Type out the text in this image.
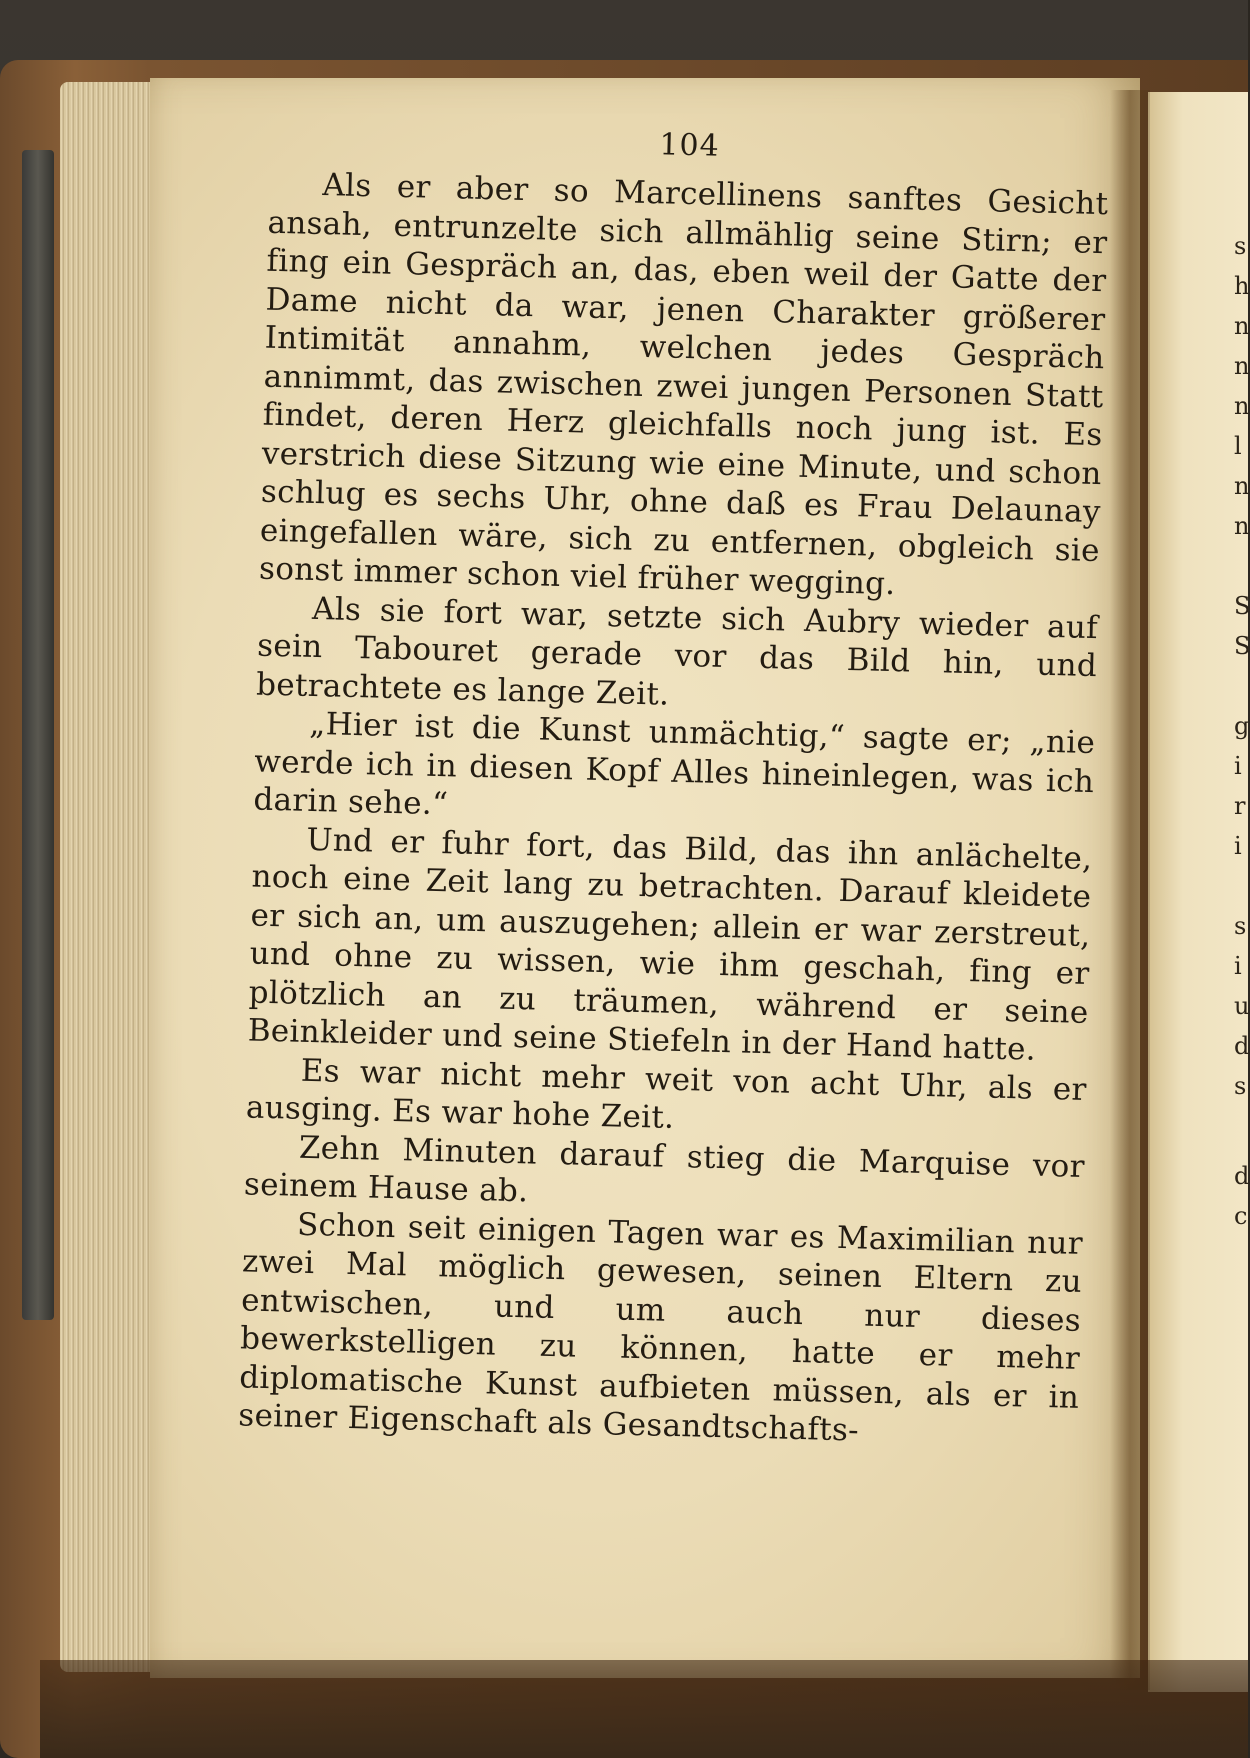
104

Als er aber so Marcellinens sanftes Gesicht ansah, entrunzelte sich allmählig seine Stirn; er fing ein Gespräch an, das, eben weil der Gatte der Dame nicht da war, jenen Charakter größerer Intimität annahm, welchen jedes Gespräch annimmt, das zwischen zwei jungen Personen Statt findet, deren Herz gleichfalls noch jung ist. Es verstrich diese Sitzung wie eine Minute, und schon schlug es sechs Uhr, ohne daß es Frau Delaunay eingefallen wäre, sich zu entfernen, obgleich sie sonst immer schon viel früher wegging.

Als sie fort war, setzte sich Aubry wieder auf sein Tabouret gerade vor das Bild hin, und betrachtete es lange Zeit.

„Hier ist die Kunst unmächtig,“ sagte er; „nie werde ich in diesen Kopf Alles hineinlegen, was ich darin sehe.“

Und er fuhr fort, das Bild, das ihn anlächelte, noch eine Zeit lang zu betrachten. Darauf kleidete er sich an, um auszugehen; allein er war zerstreut, und ohne zu wissen, wie ihm geschah, fing er plötzlich an zu träumen, während er seine Beinkleider und seine Stiefeln in der Hand hatte.

Es war nicht mehr weit von acht Uhr, als er ausging. Es war hohe Zeit.

Zehn Minuten darauf stieg die Marquise vor seinem Hause ab.

Schon seit einigen Tagen war es Maximilian nur zwei Mal möglich gewesen, seinen Eltern zu entwischen, und um auch nur dieses bewerkstelligen zu können, hatte er mehr diplomatische Kunst aufbieten müssen, als er in seiner Eigenschaft als Gesandtschafts-

s
h
n
n
n
l
n
n
S
S
g
i
r
i
s
i
u
d
s
d
c
